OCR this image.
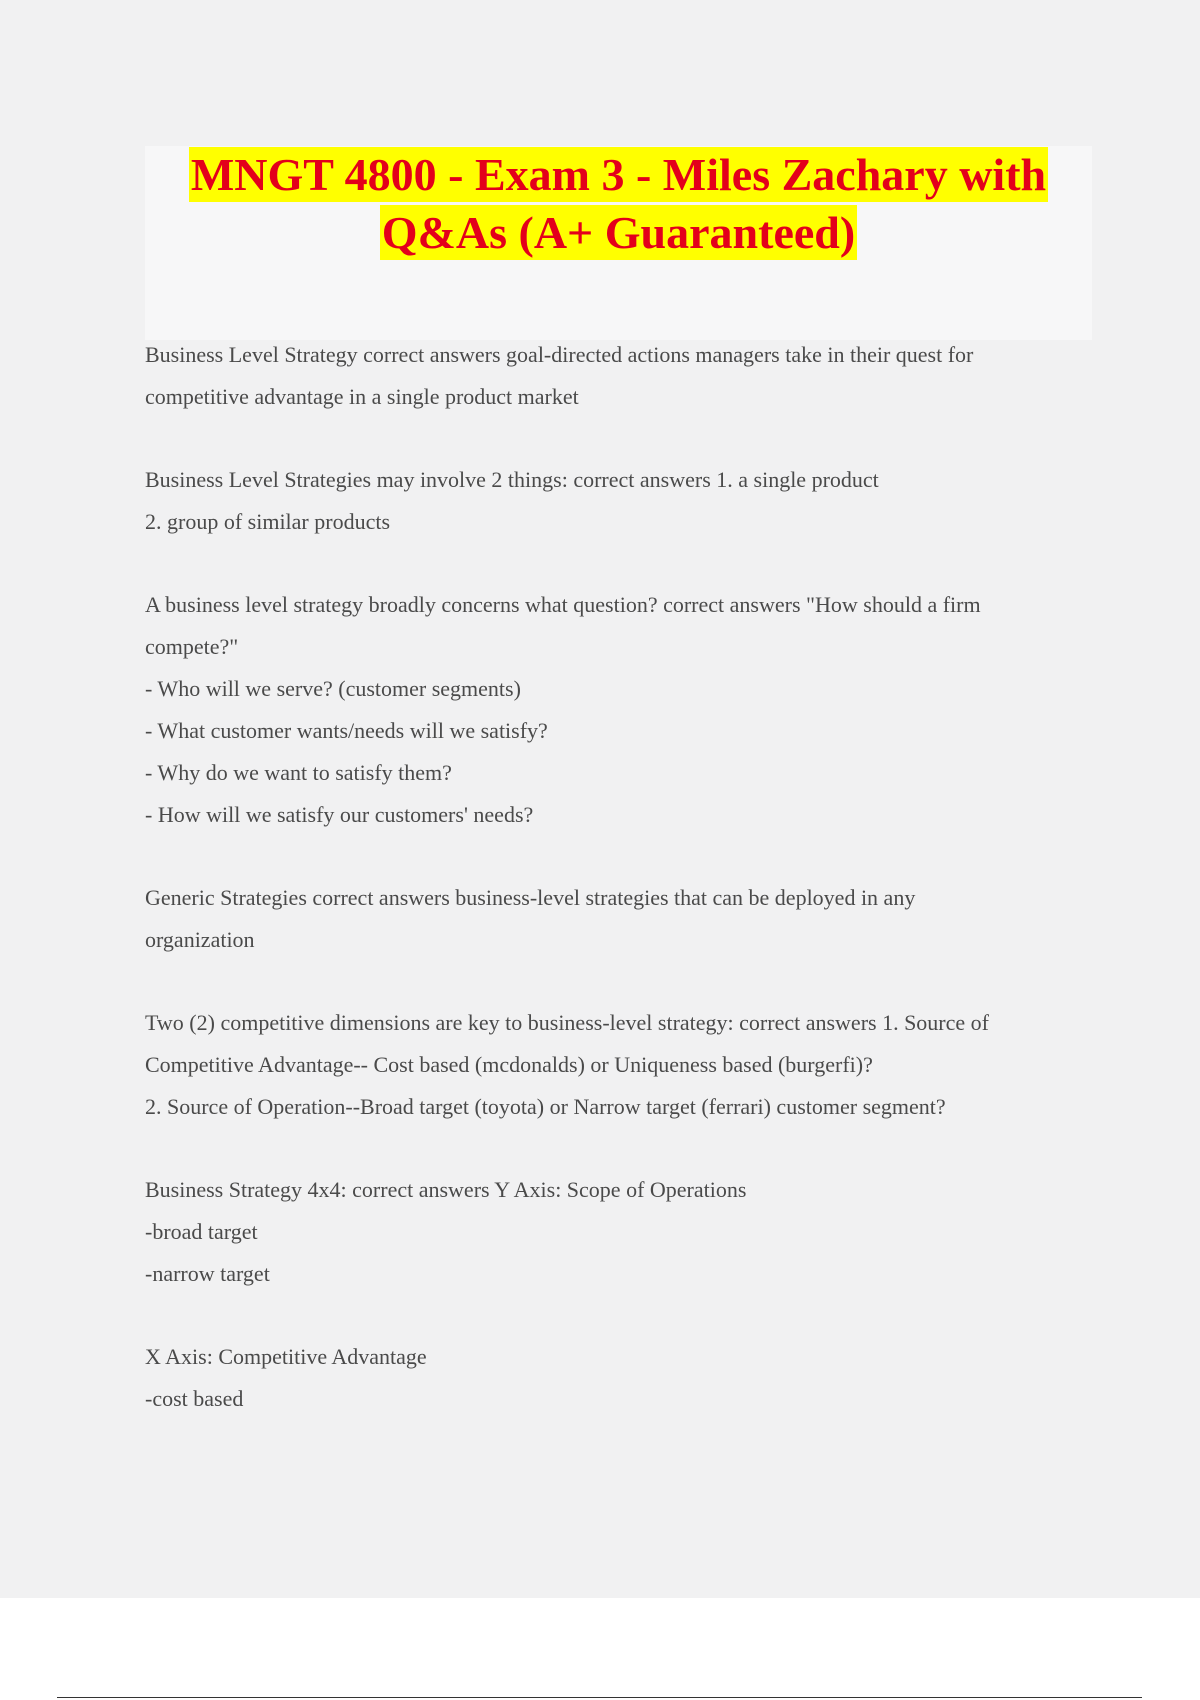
MNGT 4800 - Exam 3 - Miles Zachary with
Q&As (A+ Guaranteed)

Business Level Strategy correct answers goal-directed actions managers take in their quest for
competitive advantage in a single product market

Business Level Strategies may involve 2 things: correct answers 1. a single product
2. group of similar products

A business level strategy broadly concerns what question? correct answers "How should a firm
compete?"
- Who will we serve? (customer segments)
- What customer wants/needs will we satisfy?
- Why do we want to satisfy them?
- How will we satisfy our customers' needs?

Generic Strategies correct answers business-level strategies that can be deployed in any
organization

Two (2) competitive dimensions are key to business-level strategy: correct answers 1. Source of
Competitive Advantage-- Cost based (mcdonalds) or Uniqueness based (burgerfi)?
2. Source of Operation--Broad target (toyota) or Narrow target (ferrari) customer segment?

Business Strategy 4x4: correct answers Y Axis: Scope of Operations
-broad target
-narrow target

X Axis: Competitive Advantage
-cost based
